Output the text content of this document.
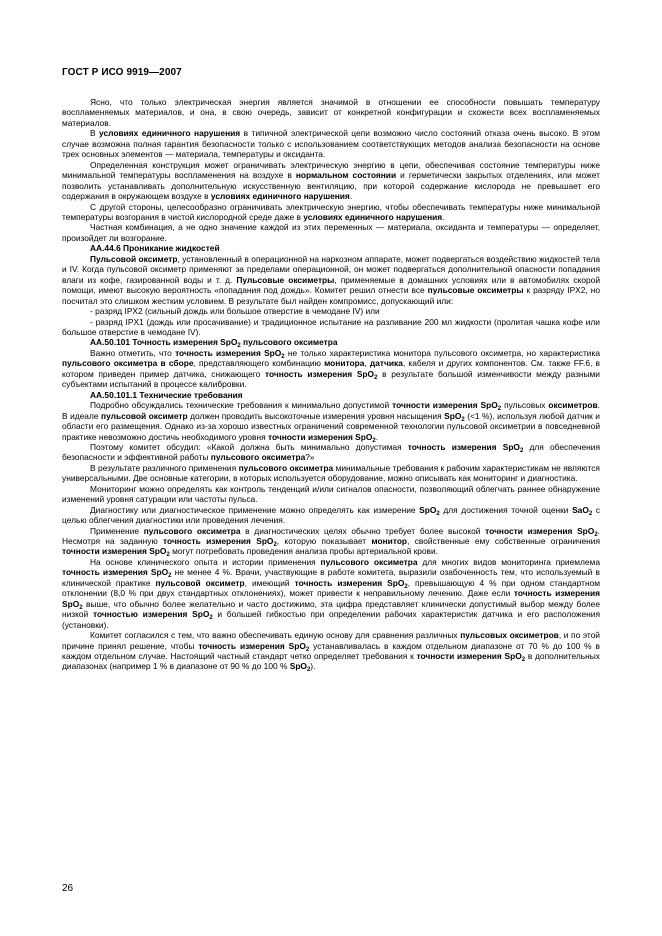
ГОСТ Р ИСО 9919—2007

Ясно, что только электрическая энергия является значимой в отношении ее способности повышать температуру воспламеняемых материалов, и она, в свою очередь, зависит от конкретной конфигурации и схожести всех воспламеняемых материалов.

В условиях единичного нарушения в типичной электрической цепи возможно число состояний отказа очень высоко. В этом случае возможна полная гарантия безопасности только с использованием соответствующих методов анализа безопасности на основе трех основных элементов — материала, температуры и оксиданта.

Определенная конструкция может ограничивать электрическую энергию в цепи, обеспечивая состояние температуры ниже минимальной температуры воспламенения на воздухе в нормальном состоянии и герметически закрытых отделениях, или может позволить устанавливать дополнительную искусственную вентиляцию, при которой содержание кислорода не превышает его содержания в окружающем воздухе в условиях единичного нарушения.

С другой стороны, целесообразно ограничивать электрическую энергию, чтобы обеспечивать температуры ниже минимальной температуры возгорания в чистой кислородной среде даже в условиях единичного нарушения.

Частная комбинация, а не одно значение каждой из этих переменных — материала, оксиданта и температуры — определяет, произойдет ли возгорание.

АА.44.6 Проникание жидкостей

Пульсовой оксиметр, установленный в операционной на наркозном аппарате, может подвергаться воздействию жидкостей тела и IV. Когда пульсовой оксиметр применяют за пределами операционной, он может подвергаться дополнительной опасности попадания влаги из кофе, газированной воды и т. д. Пульсовые оксиметры, применяемые в домашних условиях или в автомобилях скорой помощи, имеют высокую вероятность «попадания под дождь». Комитет решил отнести все пульсовые оксиметры к разряду IPX2, но посчитал это слишком жестким условием. В результате был найден компромисс, допускающий или:

- разряд IPX2 (сильный дождь или большое отверстие в чемодане IV) или

- разряд IPX1 (дождь или просачивание) и традиционное испытание на разливание 200 мл жидкости (пролитая чашка кофе или большое отверстие в чемодане IV).

АА.50.101 Точность измерения SpO$_2$ пульсового оксиметра

Важно отметить, что точность измерения SpO$_2$ не только характеристика монитора пульсового оксиметра, но характеристика пульсового оксиметра в сборе, представляющего комбинацию монитора, датчика, кабеля и других компонентов. См. также FF.6, в котором приведен пример датчика, снижающего точность измерения SpO$_2$ в результате большой изменчивости между разными субъектами испытаний в процессе калибровки.

АА.50.101.1 Технические требования

Подробно обсуждались технические требования к минимально допустимой точности измерения SpO$_2$ пульсовых оксиметров. В идеале пульсовой оксиметр должен проводить высокоточные измерения уровня насыщения SpO$_2$ (<1 %), используя любой датчик и области его размещения. Однако из-за хорошо известных ограничений современной технологии пульсовой оксиметрии в повседневной практике невозможно достичь необходимого уровня точности измерения SpO$_2$.

Поэтому комитет обсудил: «Какой должна быть минимально допустимая точность измерения SpO$_2$ для обеспечения безопасности и эффективной работы пульсового оксиметра?»

В результате различного применения пульсового оксиметра минимальные требования к рабочим характеристикам не являются универсальными. Две основные категории, в которых используется оборудование, можно описывать как мониторинг и диагностика.

Мониторинг можно определять как контроль тенденций и/или сигналов опасности, позволяющий облегчать раннее обнаружение изменений уровня сатурации или частоты пульса.

Диагностику или диагностическое применение можно определять как измерение SpO$_2$ для достижения точной оценки SaO$_2$ с целью облегчения диагностики или проведения лечения.

Применение пульсового оксиметра в диагностических целях обычно требует более высокой точности измерения SpO$_2$. Несмотря на заданную точность измерения SpO$_2$, которую показывает монитор, свойственные ему собственные ограничения точности измерения SpO$_2$ могут потребовать проведения анализа пробы артериальной крови.

На основе клинического опыта и истории применения пульсового оксиметра для многих видов мониторинга приемлема точность измерения SpO$_2$ не менее 4 %. Врачи, участвующие в работе комитета, выразили озабоченность тем, что используемый в клинической практике пульсовой оксиметр, имеющий точность измерения SpO$_2$, превышающую 4 % при одном стандартном отклонении (8,0 % при двух стандартных отклонениях), может привести к неправильному лечению. Даже если точность измерения SpO$_2$ выше, что обычно более желательно и часто достижимо, эта цифра представляет клинически допустимый выбор между более низкой точностью измерения SpO$_2$ и большей гибкостью при определении рабочих характеристик датчика и его расположения (установки).

Комитет согласился с тем, что важно обеспечивать единую основу для сравнения различных пульсовых оксиметров, и по этой причине принял решение, чтобы точность измерения SpO$_2$ устанавливалась в каждом отдельном диапазоне от 70 % до 100 % в каждом отдельном случае. Настоящий частный стандарт четко определяет требования к точности измерения SpO$_2$ в дополнительных диапазонах (например 1 % в диапазоне от 90 % до 100 % SpO$_2$).

26
